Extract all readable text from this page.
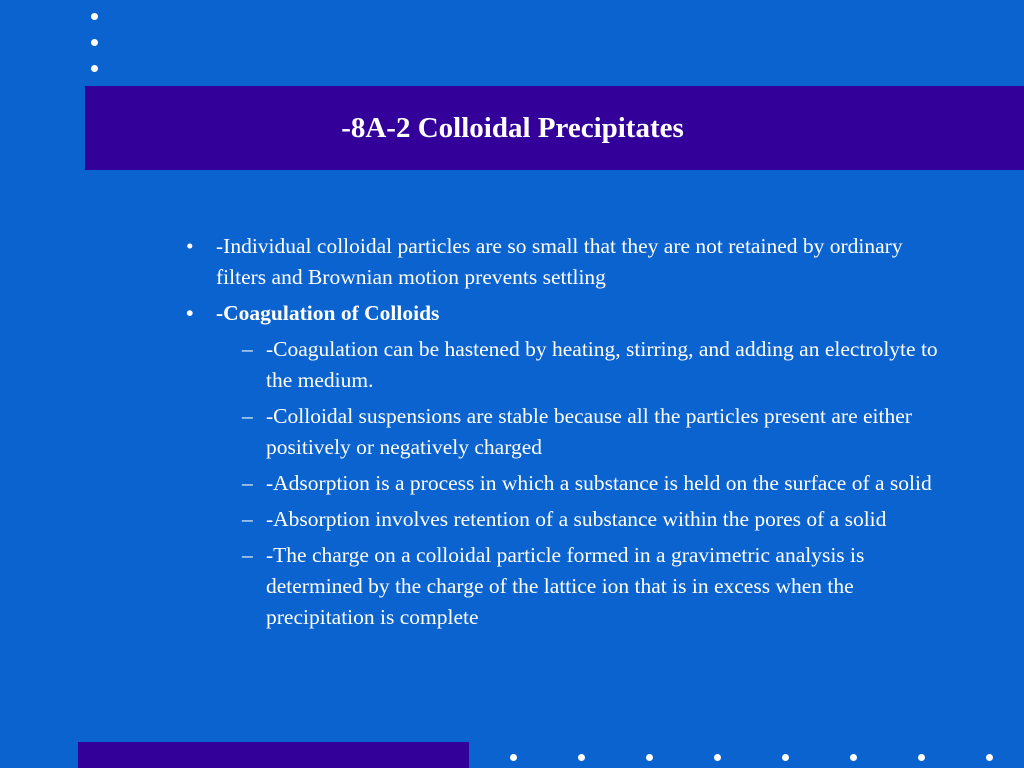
-8A-2 Colloidal Precipitates
• -Individual colloidal particles are so small that they are not retained by ordinary filters and Brownian motion prevents settling
• -Coagulation of Colloids
– -Coagulation can be hastened by heating, stirring, and adding an electrolyte to the medium.
– -Colloidal suspensions are stable because all the particles present are either positively or negatively charged
– -Adsorption is a process in which a substance is held on the surface of a solid
– -Absorption involves retention of a substance within the pores of a solid
– -The charge on a colloidal particle formed in a gravimetric analysis is determined by the charge of the lattice ion that is in excess when the precipitation is complete
